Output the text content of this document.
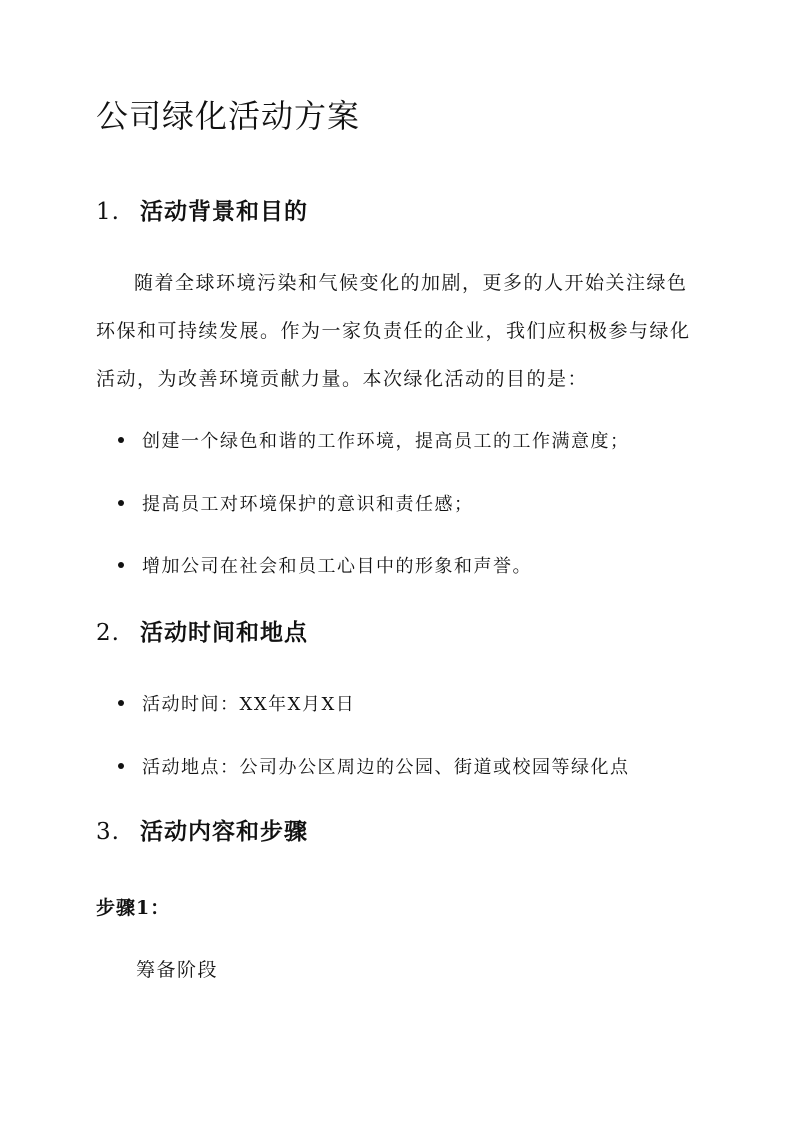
公司绿化活动方案
1. 活动背景和目的
随着全球环境污染和气候变化的加剧，更多的人开始关注绿色
环保和可持续发展。作为一家负责任的企业，我们应积极参与绿化
活动，为改善环境贡献力量。本次绿化活动的目的是：
创建一个绿色和谐的工作环境，提高员工的工作满意度；
提高员工对环境保护的意识和责任感；
增加公司在社会和员工心目中的形象和声誉。
2. 活动时间和地点
活动时间：XX年X月X日
活动地点：公司办公区周边的公园、街道或校园等绿化点
3. 活动内容和步骤
步骤1：
筹备阶段
